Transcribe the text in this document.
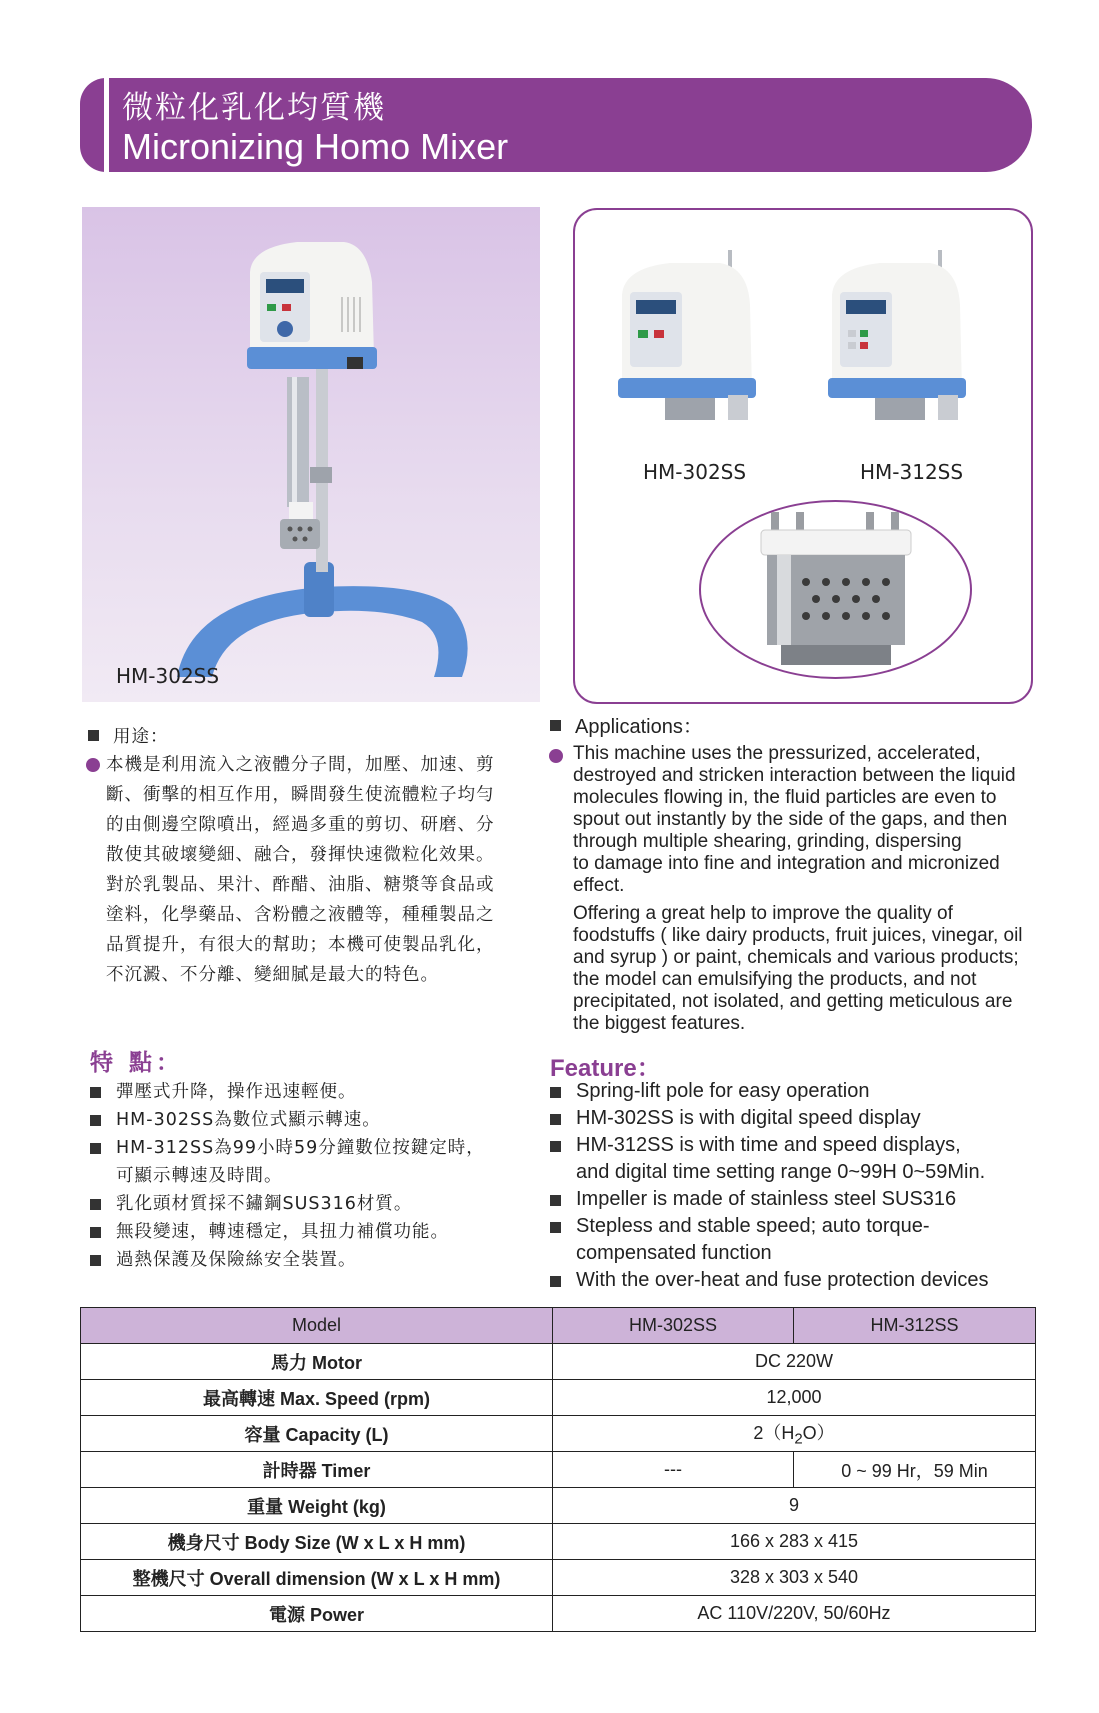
微粒化乳化均質機
Micronizing Homo Mixer
HM-302SS
HM-302SS	HM-312SS
用途：
本機是利用流入之液體分子間，加壓、加速、剪
斷、衝擊的相互作用，瞬間發生使流體粒子均勻
的由側邊空隙噴出，經過多重的剪切、研磨、分
散使其破壞變細、融合，發揮快速微粒化效果。
對於乳製品、果汁、酢醋、油脂、糖漿等食品或
塗料，化學藥品、含粉體之液體等，種種製品之
品質提升，有很大的幫助；本機可使製品乳化，
不沉澱、不分離、變細膩是最大的特色。
Applications：
This machine uses the pressurized, accelerated,
destroyed and stricken interaction between the liquid
molecules flowing in, the fluid particles are even to
spout out instantly by the side of the gaps, and then
through multiple shearing, grinding, dispersing
to damage into fine and integration and micronized
effect.
Offering a great help to improve the quality of
foodstuffs ( like dairy products, fruit juices, vinegar, oil
and syrup ) or paint, chemicals and various products;
the model can emulsifying the products, and not
precipitated, not isolated, and getting meticulous are
the biggest features.
特 點：
彈壓式升降，操作迅速輕便。
HM-302SS為數位式顯示轉速。
HM-312SS為99小時59分鐘數位按鍵定時，
可顯示轉速及時間。
乳化頭材質採不鏽鋼SUS316材質。
無段變速，轉速穩定，具扭力補償功能。
過熱保護及保險絲安全裝置。
Feature：
Spring-lift pole for easy operation
HM-302SS is with digital speed display
HM-312SS is with time and speed displays,
and digital time setting range 0~99H 0~59Min.
Impeller is made of stainless steel SUS316
Stepless and stable speed; auto torque-
compensated function
With the over-heat and fuse protection devices
Model	HM-302SS	HM-312SS
馬力 Motor	DC 220W	
最高轉速 Max. Speed (rpm)	12,000	
容量 Capacity (L)	$2(H_2O)$	
計時器 Timer	---	0 ~ 99 Hr，59 Min
重量 Weight (kg)	9	
機身尺寸 Body Size (W x L x H mm)	166 x 283 x 415	
整機尺寸 Overall dimension (W x L x H mm)	328 x 303 x 540	
電源 Power	AC 110V/220V, 50/60Hz	
